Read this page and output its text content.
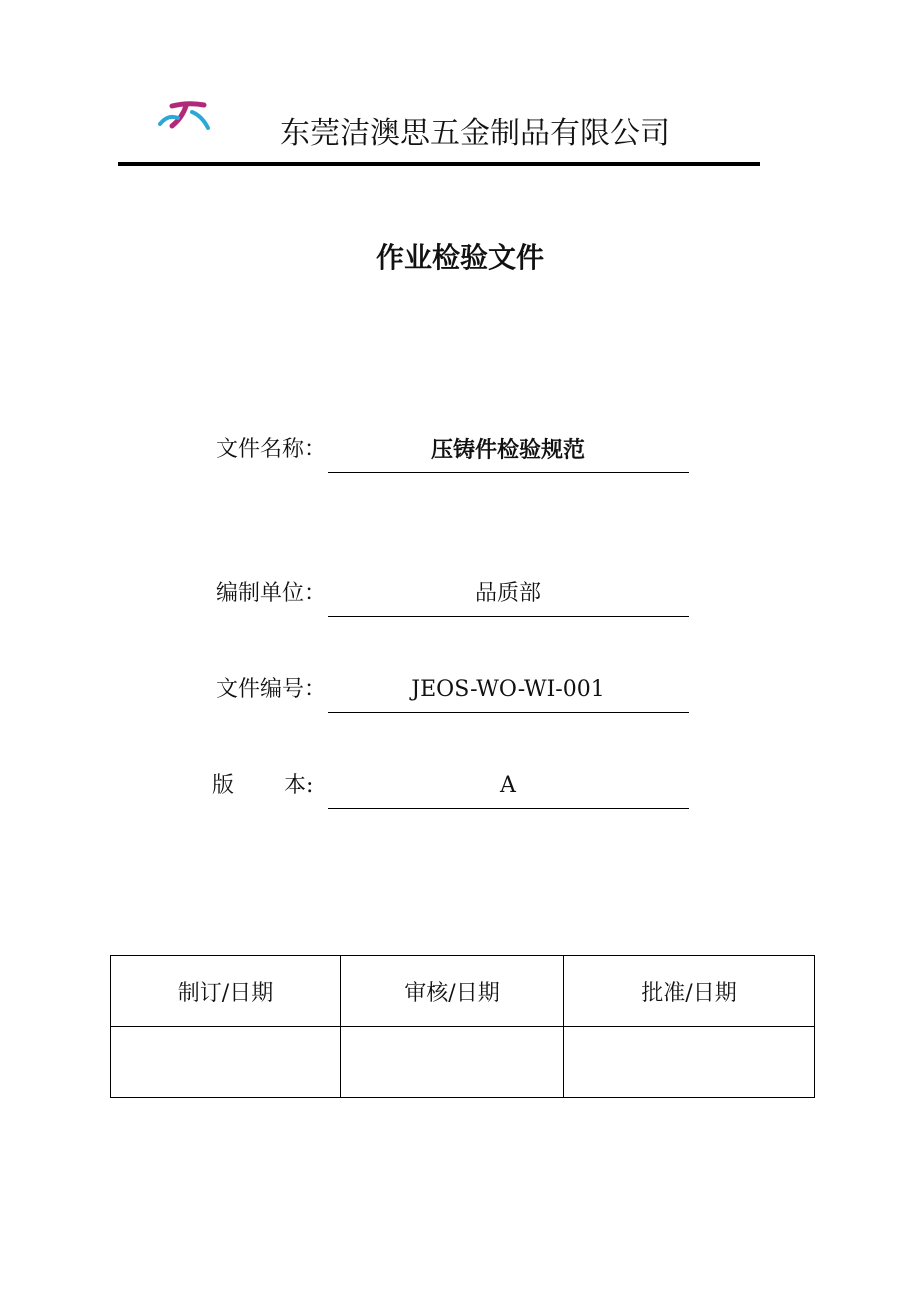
东莞洁澳思五金制品有限公司
作业检验文件
文件名称：	压铸件检验规范
编制单位：	品质部
文件编号：	JEOS-WO-WI-001
版 本:	A
制订/日期	审核/日期	批准/日期
